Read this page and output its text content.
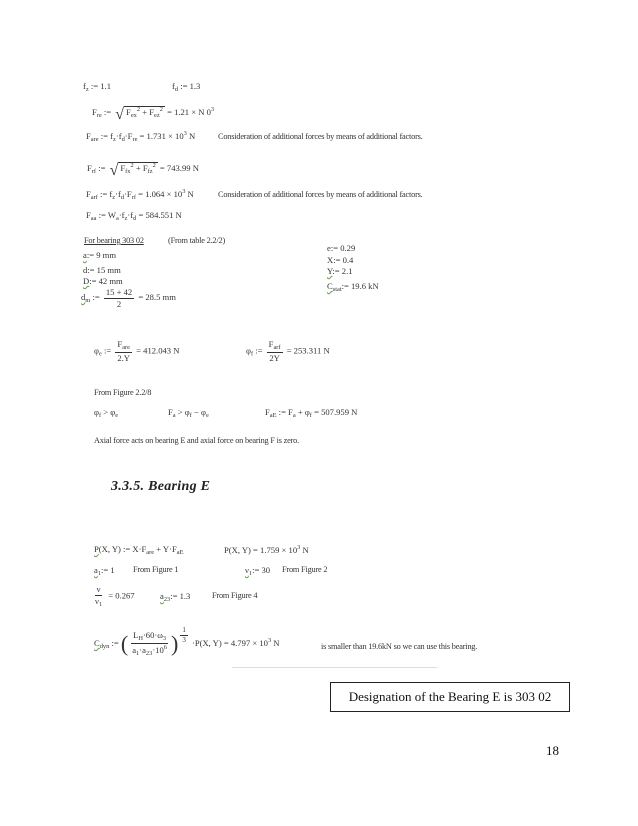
$f_z$ := 1.1	$f_d$ := 1.3
$F_{re}$ := √ $F_{ex}^2 + F_{ez}^2 = 1.21 \times N$ $0^3$
$F_{are}$ := $f_z\cdot f_d\cdot F_{re} = 1.731 \times 10^3$ N	Consideration of additional forces by means of additional factors.
$F_{rf}$ := √ $F_{fx}^2 + F_{fz}^2 = 743.99$ N
$F_{arf}$ := $f_z\cdot f_d\cdot F_{rf} = 1.064 \times 10^3$ N	Consideration of additional forces by means of additional factors.
$F_{aa}$ := $W_a\cdot f_z\cdot f_d = 584.551$ N
For bearing 303 02	(From table 2.2/2)
a:= 9 mm
d:= 15 mm
D:= 42 mm
$d_m$ := $\frac{15 + 42}{2} = 28.5$ mm
e:= 0.29
X:= 0.4
Y:= 2.1
$C_{stat}:= 19.6$ kN
$\varphi_e$ := $\frac{F_{are}}{2.Y} = 412.043$ N	$\varphi_f$ := $\frac{F_{arf}}{2Y} = 253.311$ N
From Figure 2.2/8
$\varphi_f > \varphi_e$	$F_a > \varphi_f - \varphi_e$	$F_{aE}$ := $F_a + \varphi_f = 507.959$ N
Axial force acts on bearing E and axial force on bearing F is zero.
3.3.5. Bearing E
P(X, Y) := $X\cdot F_{are} + Y\cdot F_{aE}$	P(X, $Y) = 1.759 \times 10^3$ N
$a_1:= 1$ From Figure 1	$\nu_1:= 30$ From Figure 2
$\frac{\nu}{\nu_1} = 0.267$	$a_{23}:= 1.3$	From Figure 4
$C_{dyn}$ := ( $\frac{L_H\cdot 60\cdot\omega_3}{a_1\cdot a_{23}\cdot 10^6}$ ) $\frac{1}{3} \cdot P(X$, $Y) = 4.797 \times 10^3$ N	is smaller than 19.6kN so we can use this bearing.
Designation of the Bearing E is 303 02
18
